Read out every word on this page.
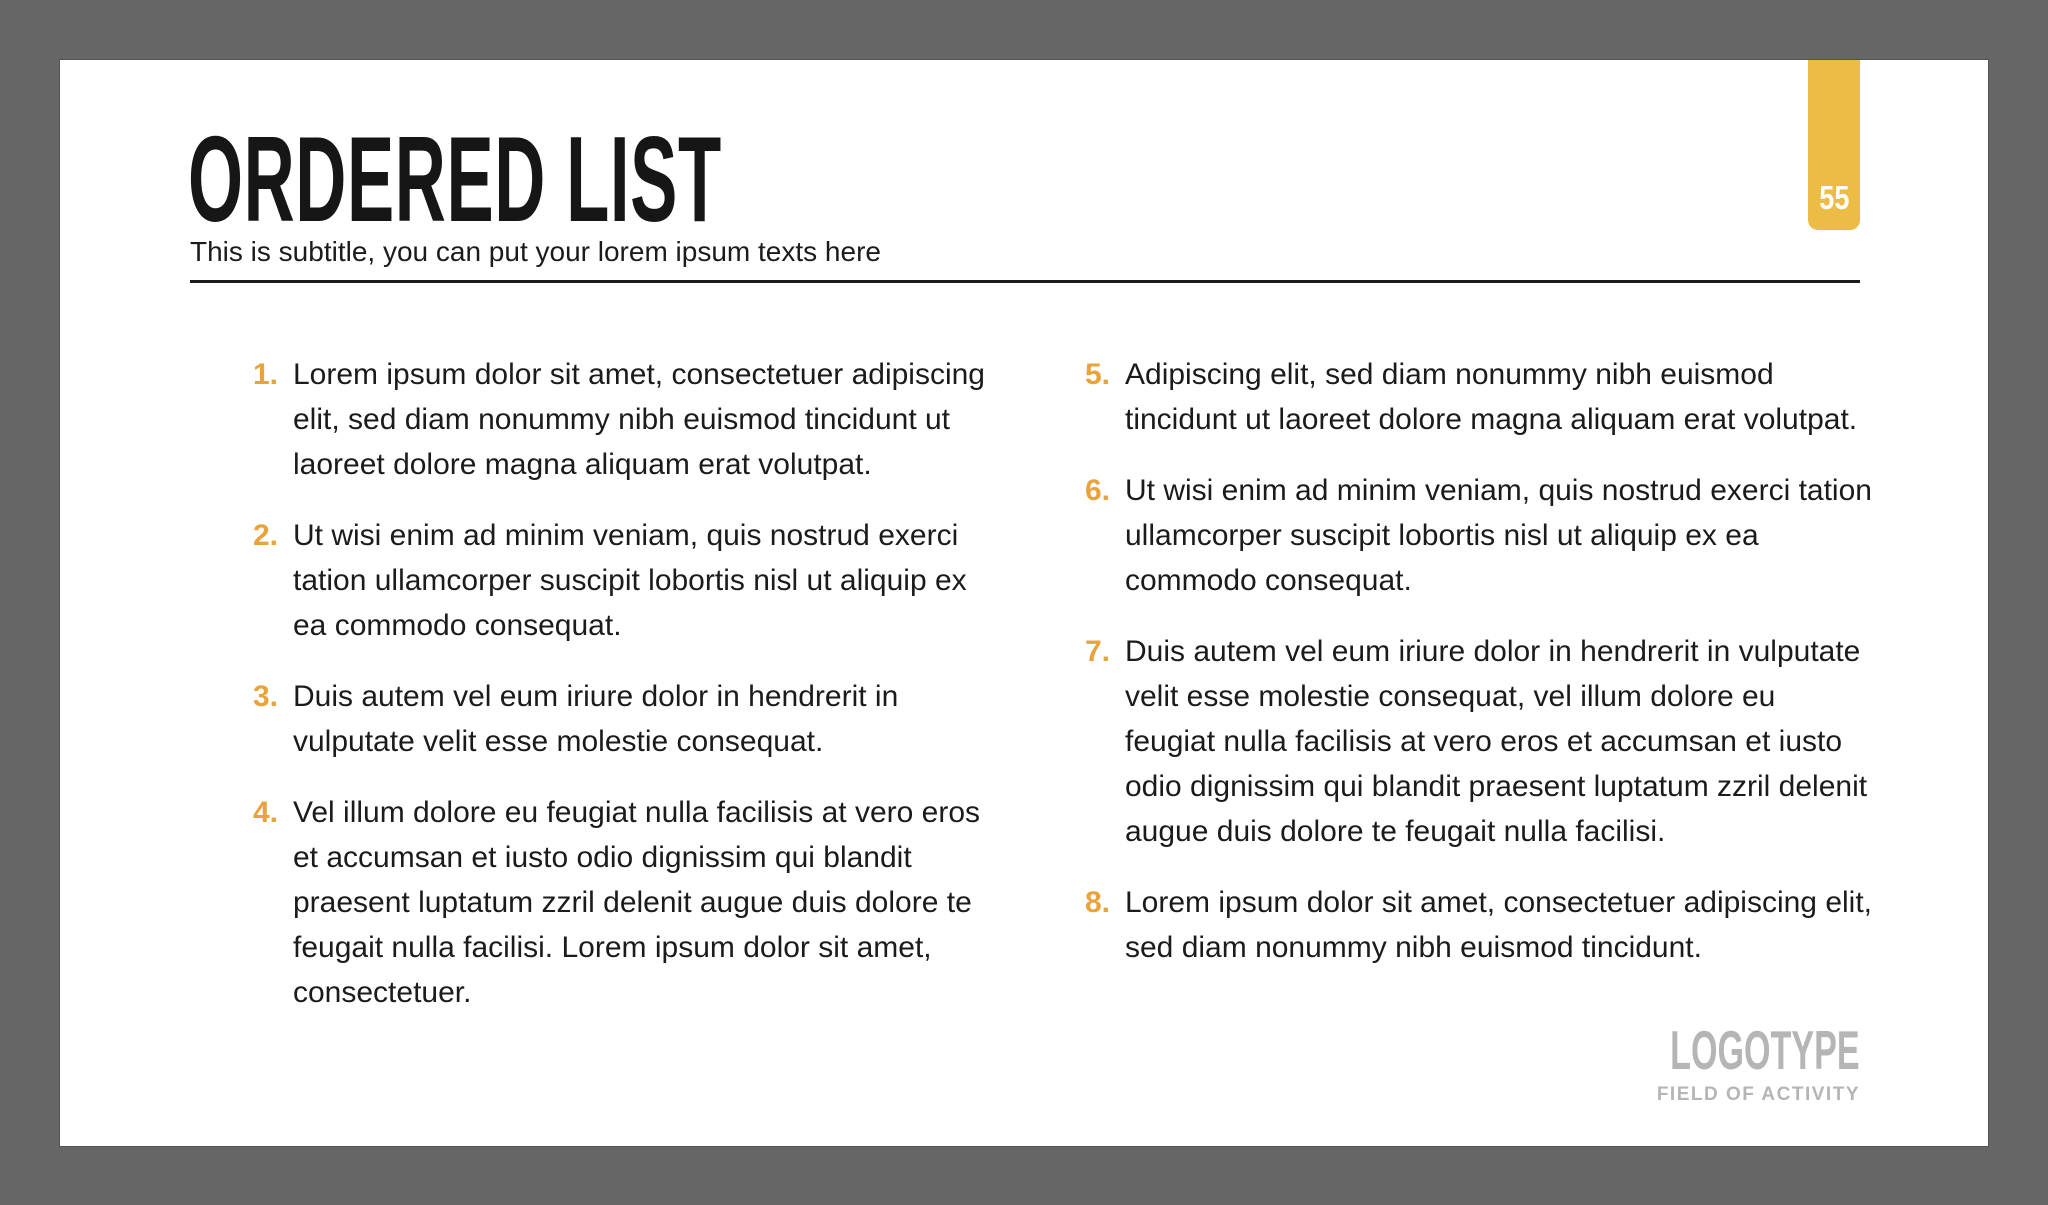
ORDERED LIST
This is subtitle, you can put your lorem ipsum texts here
55
1. Lorem ipsum dolor sit amet, consectetuer adipiscing elit, sed diam nonummy nibh euismod tincidunt ut laoreet dolore magna aliquam erat volutpat.
2. Ut wisi enim ad minim veniam, quis nostrud exerci tation ullamcorper suscipit lobortis nisl ut aliquip ex ea commodo consequat.
3. Duis autem vel eum iriure dolor in hendrerit in vulputate velit esse molestie consequat.
4. Vel illum dolore eu feugiat nulla facilisis at vero eros et accumsan et iusto odio dignissim qui blandit praesent luptatum zzril delenit augue duis dolore te feugait nulla facilisi. Lorem ipsum dolor sit amet, consectetuer.
5. Adipiscing elit, sed diam nonummy nibh euismod tincidunt ut laoreet dolore magna aliquam erat volutpat.
6. Ut wisi enim ad minim veniam, quis nostrud exerci tation ullamcorper suscipit lobortis nisl ut aliquip ex ea commodo consequat.
7. Duis autem vel eum iriure dolor in hendrerit in vulputate velit esse molestie consequat, vel illum dolore eu feugiat nulla facilisis at vero eros et accumsan et iusto odio dignissim qui blandit praesent luptatum zzril delenit augue duis dolore te feugait nulla facilisi.
8. Lorem ipsum dolor sit amet, consectetuer adipiscing elit, sed diam nonummy nibh euismod tincidunt.
LOGOTYPE
FIELD OF ACTIVITY
